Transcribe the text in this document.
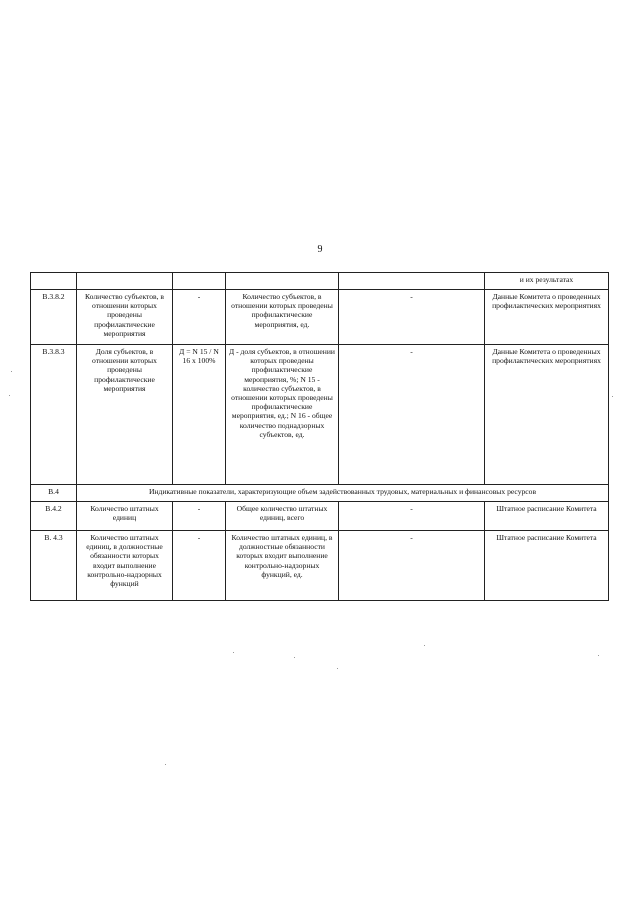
9
					и их результатах
В.3.8.2	Количество субъектов, в отношении которых проведены профилактические мероприятия	-	Количество субъектов, в отношении которых проведены профилактические мероприятия, ед.	-	Данные Комитета о проведенных профилактических мероприятиях
В.3.8.3	Доля субъектов, в отношении которых проведены профилактические мероприятия	Д = N 15 / N 16 х 100%	Д - доля субъектов, в отношении которых проведены профилактические мероприятия, %; N 15 - количество субъектов, в отношении которых проведены профилактические мероприятия, ед.; N 16 - общее количество поднадзорных субъектов, ед.	-	Данные Комитета о проведенных профилактических мероприятиях
В.4	Индикативные показатели, характеризующие объем задействованных трудовых, материальных и финансовых ресурсов				
В.4.2	Количество штатных единиц	-	Общее количество штатных единиц, всего	-	Штатное расписание Комитета
В. 4.3	Количество штатных единиц, в должностные обязанности которых входит выполнение контрольно-надзорных функций	-	Количество штатных единиц, в должностные обязанности которых входит выполнение контрольно-надзорных функций, ед.	-	Штатное расписание Комитета
